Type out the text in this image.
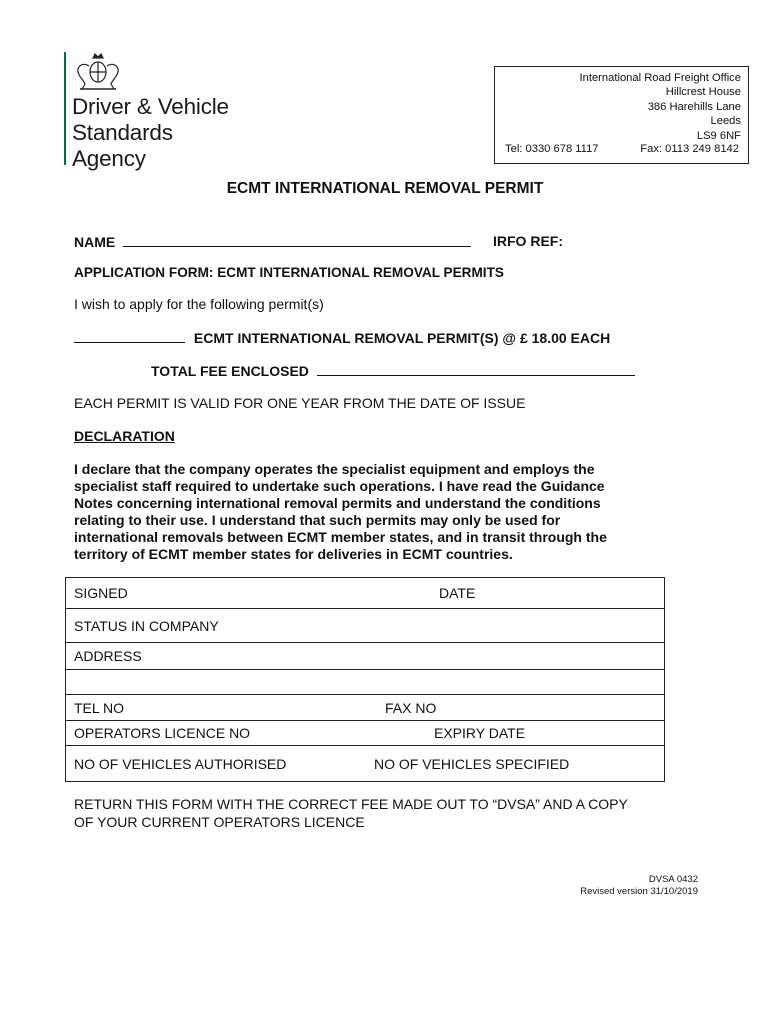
Driver & Vehicle
Standards
Agency
International Road Freight Office
Hillcrest House
386 Harehills Lane
Leeds
LS9 6NF
Tel: 0330 678 1117	Fax: 0113 249 8142
ECMT INTERNATIONAL REMOVAL PERMIT
NAME	IRFO REF:
APPLICATION FORM: ECMT INTERNATIONAL REMOVAL PERMITS
I wish to apply for the following permit(s)
ECMT INTERNATIONAL REMOVAL PERMIT(S) @ £ 18.00 EACH
TOTAL FEE ENCLOSED
EACH PERMIT IS VALID FOR ONE YEAR FROM THE DATE OF ISSUE
DECLARATION
I declare that the company operates the specialist equipment and employs the
specialist staff required to undertake such operations. I have read the Guidance
Notes concerning international removal permits and understand the conditions
relating to their use. I understand that such permits may only be used for
international removals between ECMT member states, and in transit through the
territory of ECMT member states for deliveries in ECMT countries.
SIGNED	DATE
STATUS IN COMPANY
ADDRESS
TEL NO	FAX NO
OPERATORS LICENCE NO	EXPIRY DATE
NO OF VEHICLES AUTHORISED	NO OF VEHICLES SPECIFIED
RETURN THIS FORM WITH THE CORRECT FEE MADE OUT TO “DVSA” AND A COPY
OF YOUR CURRENT OPERATORS LICENCE
DVSA 0432
Revised version 31/10/2019
